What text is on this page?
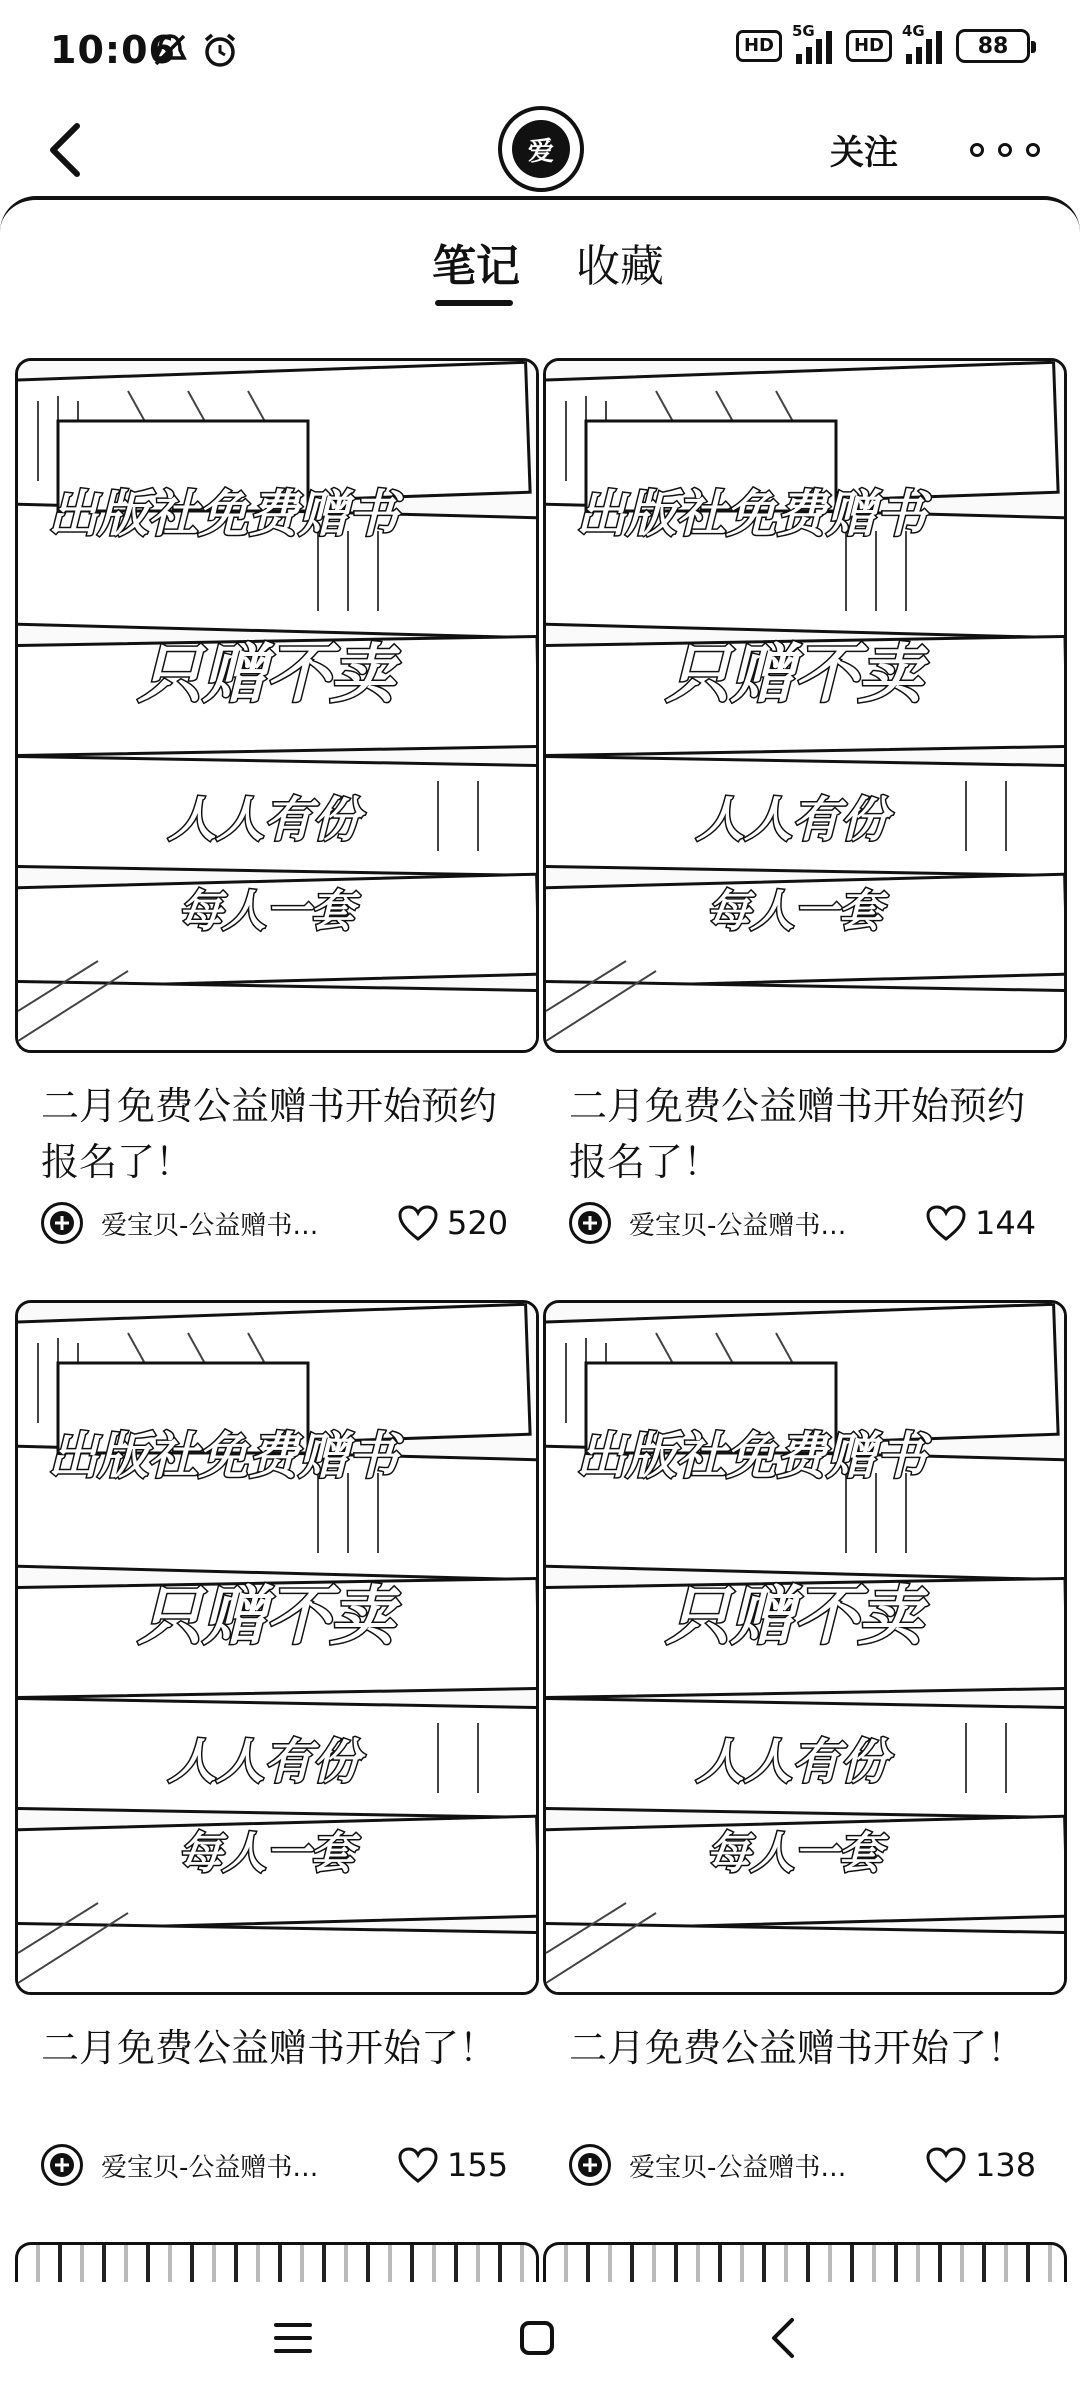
10:06	HD
5G
HD
4G
88
爱	关注
笔记 收藏
出版社免费赠书
只赠不卖
人人有份
每人一套
二月免费公益赠书开始预约报名了！
爱宝贝-公益赠书…	520
出版社免费赠书
只赠不卖
人人有份
每人一套
二月免费公益赠书开始预约报名了！
爱宝贝-公益赠书…	144
出版社免费赠书
只赠不卖
人人有份
每人一套
二月免费公益赠书开始了！
爱宝贝-公益赠书…	155
出版社免费赠书
只赠不卖
人人有份
每人一套
二月免费公益赠书开始了！
爱宝贝-公益赠书…	138
